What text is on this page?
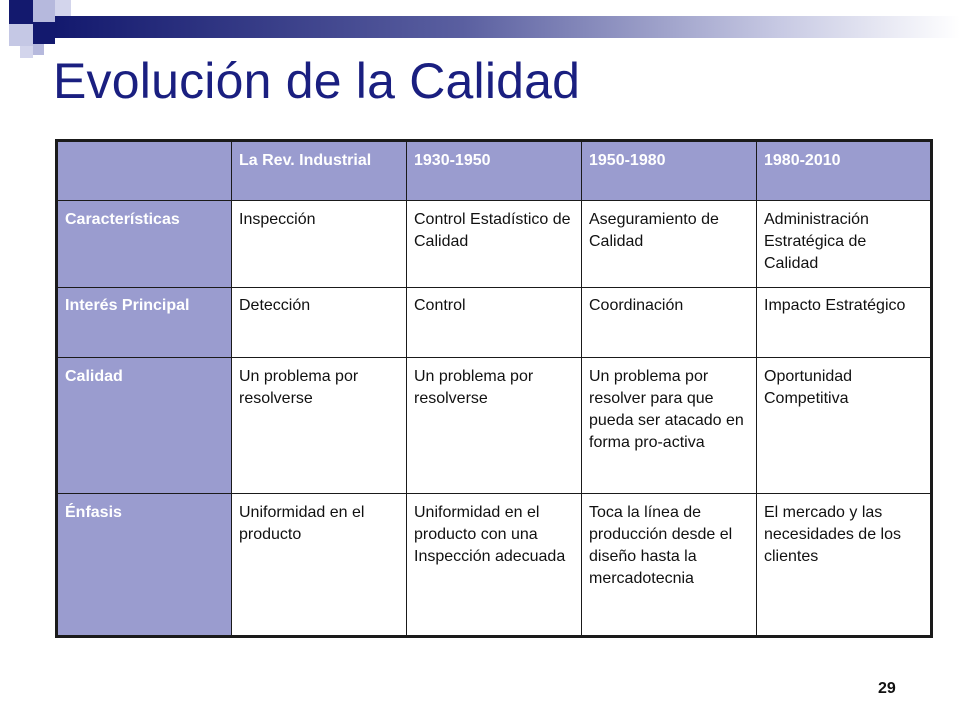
Evolución de la Calidad
	La Rev. Industrial	1930-1950	1950-1980	1980-2010
Características	Inspección	Control Estadístico de Calidad	Aseguramiento de Calidad	Administración Estratégica de Calidad
Interés Principal	Detección	Control	Coordinación	Impacto Estratégico
Calidad	Un problema por resolverse	Un problema por resolverse	Un problema por resolver para que pueda ser atacado en forma pro-activa	Oportunidad Competitiva
Énfasis	Uniformidad en el producto	Uniformidad en el producto con una Inspección adecuada	Toca la línea de producción desde el diseño hasta la mercadotecnia	El mercado y las necesidades de los clientes
29
